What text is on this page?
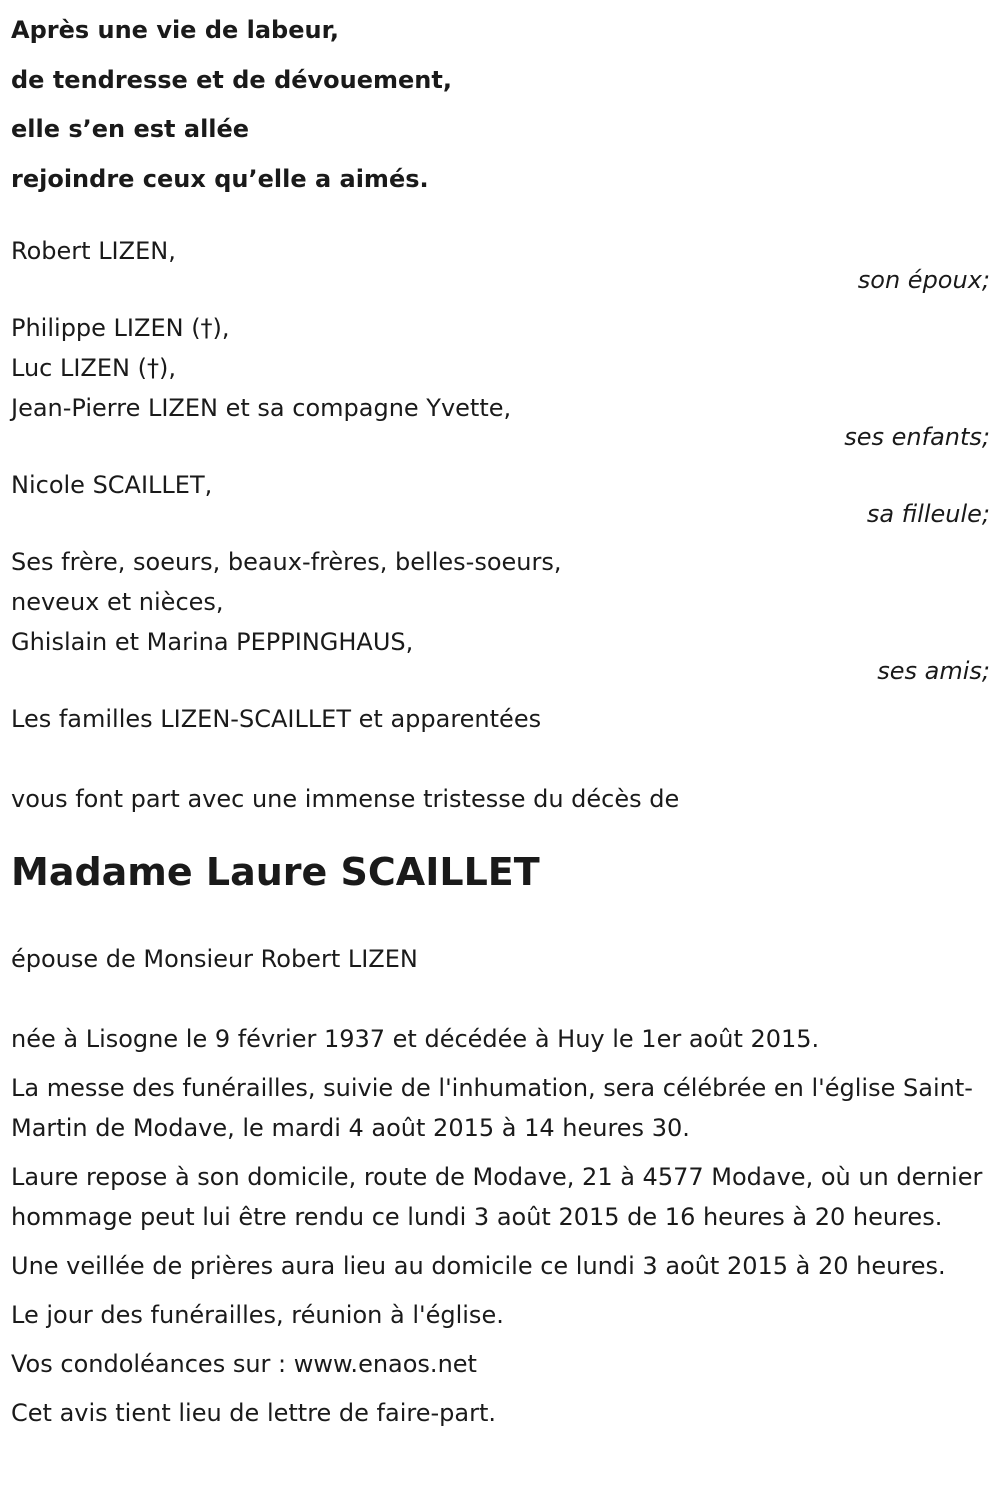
Après une vie de labeur,
de tendresse et de dévouement,
elle s’en est allée
rejoindre ceux qu’elle a aimés.
Robert LIZEN,
son époux;
Philippe LIZEN (†),
Luc LIZEN (†),
Jean-Pierre LIZEN et sa compagne Yvette,
ses enfants;
Nicole SCAILLET,
sa filleule;
Ses frère, soeurs, beaux-frères, belles-soeurs,
neveux et nièces,
Ghislain et Marina PEPPINGHAUS,
ses amis;
Les familles LIZEN-SCAILLET et apparentées
vous font part avec une immense tristesse du décès de
Madame Laure SCAILLET
épouse de Monsieur Robert LIZEN
née à Lisogne le 9 février 1937 et décédée à Huy le 1er août 2015.
La messe des funérailles, suivie de l'inhumation, sera célébrée en l'église Saint-Martin de Modave, le mardi 4 août 2015 à 14 heures 30.
Laure repose à son domicile, route de Modave, 21 à 4577 Modave, où un dernier hommage peut lui être rendu ce lundi 3 août 2015 de 16 heures à 20 heures.
Une veillée de prières aura lieu au domicile ce lundi 3 août 2015 à 20 heures.
Le jour des funérailles, réunion à l'église.
Vos condoléances sur : www.enaos.net
Cet avis tient lieu de lettre de faire-part.
